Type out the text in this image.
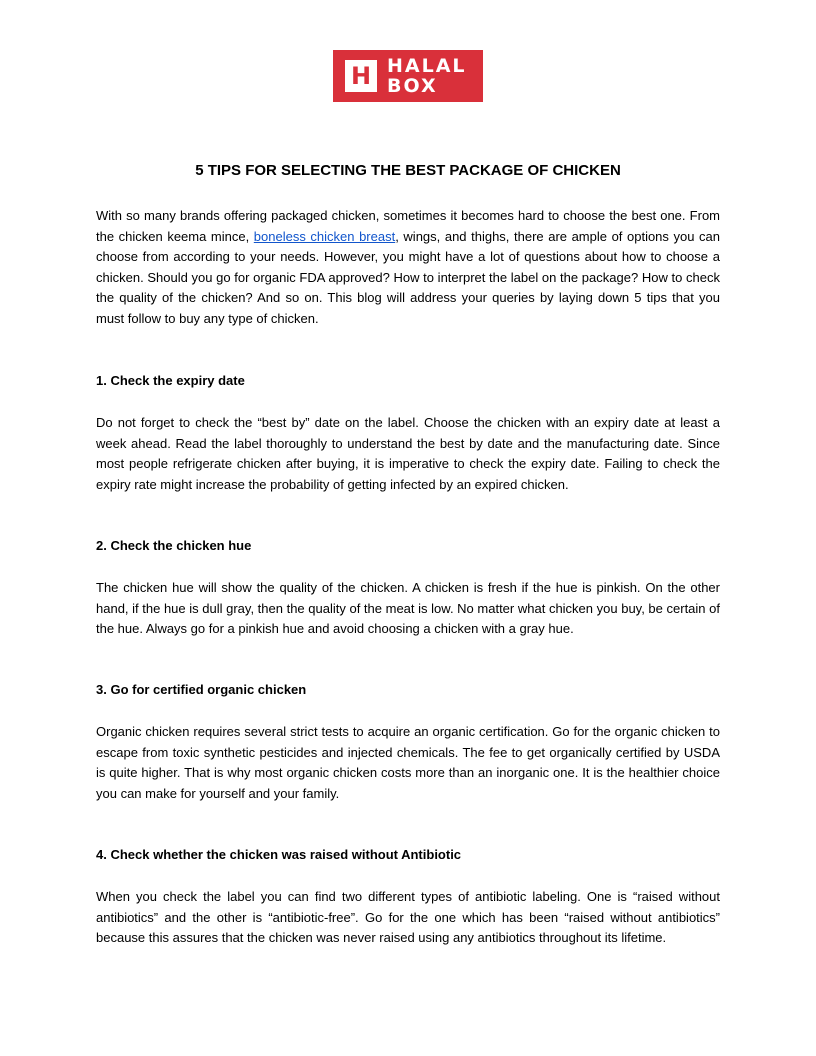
H HALAL
BOX
5 TIPS FOR SELECTING THE BEST PACKAGE OF CHICKEN

With so many brands offering packaged chicken, sometimes it becomes hard to choose the best one. From the chicken keema mince, boneless chicken breast, wings, and thighs, there are ample of options you can choose from according to your needs. However, you might have a lot of questions about how to choose a chicken. Should you go for organic FDA approved? How to interpret the label on the package? How to check the quality of the chicken? And so on. This blog will address your queries by laying down 5 tips that you must follow to buy any type of chicken.

1. Check the expiry date

Do not forget to check the “best by” date on the label. Choose the chicken with an expiry date at least a week ahead. Read the label thoroughly to understand the best by date and the manufacturing date. Since most people refrigerate chicken after buying, it is imperative to check the expiry date. Failing to check the expiry rate might increase the probability of getting infected by an expired chicken.

2. Check the chicken hue

The chicken hue will show the quality of the chicken. A chicken is fresh if the hue is pinkish. On the other hand, if the hue is dull gray, then the quality of the meat is low. No matter what chicken you buy, be certain of the hue. Always go for a pinkish hue and avoid choosing a chicken with a gray hue.

3. Go for certified organic chicken

Organic chicken requires several strict tests to acquire an organic certification. Go for the organic chicken to escape from toxic synthetic pesticides and injected chemicals. The fee to get organically certified by USDA is quite higher. That is why most organic chicken costs more than an inorganic one. It is the healthier choice you can make for yourself and your family.

4. Check whether the chicken was raised without Antibiotic

When you check the label you can find two different types of antibiotic labeling. One is “raised without antibiotics” and the other is “antibiotic-free”. Go for the one which has been “raised without antibiotics” because this assures that the chicken was never raised using any antibiotics throughout its lifetime.
